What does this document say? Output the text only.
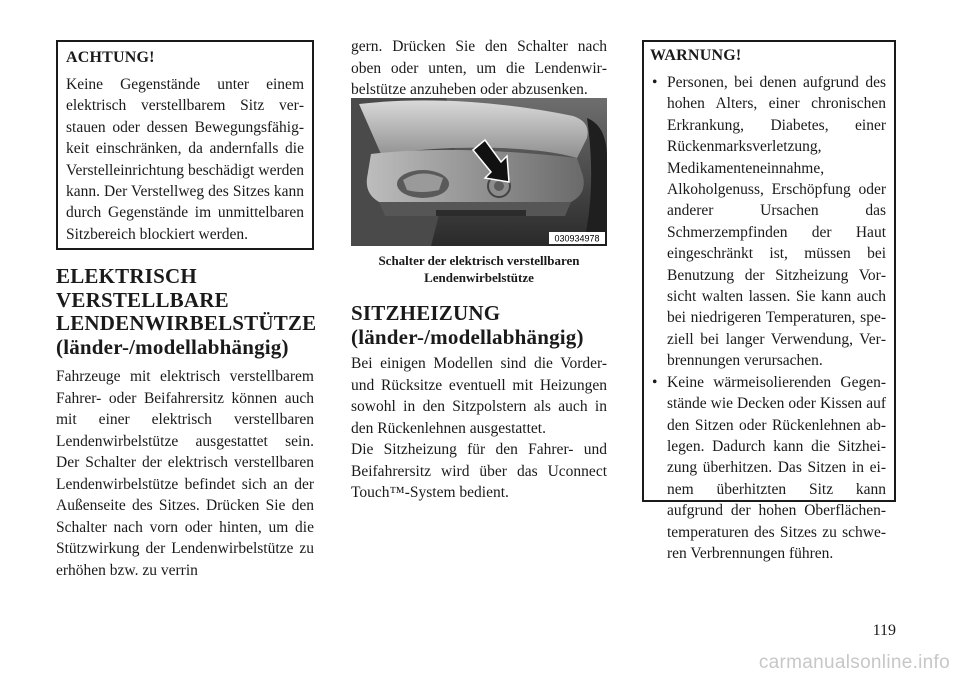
ACHTUNG!

Keine Gegenstände unter einem elektrisch verstellbarem Sitz verstauen oder dessen Bewegungsfähigkeit einschränken, da andernfalls die Verstelleinrichtung beschädigt werden kann. Der Verstellweg des Sitzes kann durch Gegenstände im unmittelbaren Sitzbereich blockiert werden.

ELEKTRISCH
VERSTELLBARE
LENDENWIRBELSTÜTZE
(länder-/modellabhängig)

Fahrzeuge mit elektrisch verstellbarem Fahrer- oder Beifahrersitz können auch mit einer elektrisch verstellbaren Lendenwirbelstütze ausgestattet sein. Der Schalter der elektrisch verstellbaren Lendenwirbelstütze befindet sich an der Außenseite des Sitzes. Drücken Sie den Schalter nach vorn oder hinten, um die Stützwirkung der Lendenwirbelstütze zu erhöhen bzw. zu verrin

gern. Drücken Sie den Schalter nach oben oder unten, um die Lendenwirbelstütze anzuheben oder abzusenken.

030934978

Schalter der elektrisch verstellbaren

Lendenwirbelstütze

SITZHEIZUNG
(länder-/modellabhängig)

Bei einigen Modellen sind die Vorder- und Rücksitze eventuell mit Heizungen sowohl in den Sitzpolstern als auch in den Rückenlehnen ausgestattet.

Die Sitzheizung für den Fahrer- und Beifahrersitz wird über das Uconnect Touch™-System bedient.

WARNUNG!
• Personen, bei denen aufgrund des hohen Alters, einer chronischen Erkrankung, Diabetes, einer Rückenmarksverletzung, Medikamenteneinnahme, Alkoholgenuss, Erschöpfung oder anderer Ursachen das Schmerzempfinden der Haut eingeschränkt ist, müssen bei Benutzung der Sitzheizung Vorsicht walten lassen. Sie kann auch bei niedrigeren Temperaturen, speziell bei langer Verwendung, Verbrennungen verursachen.
• Keine wärmeisolierenden Gegenstände wie Decken oder Kissen auf den Sitzen oder Rückenlehnen ablegen. Dadurch kann die Sitzheizung überhitzen. Das Sitzen in einem überhitzten Sitz kann aufgrund der hohen Oberflächentemperaturen des Sitzes zu schweren Verbrennungen führen.
119
carmanualsonline.info
